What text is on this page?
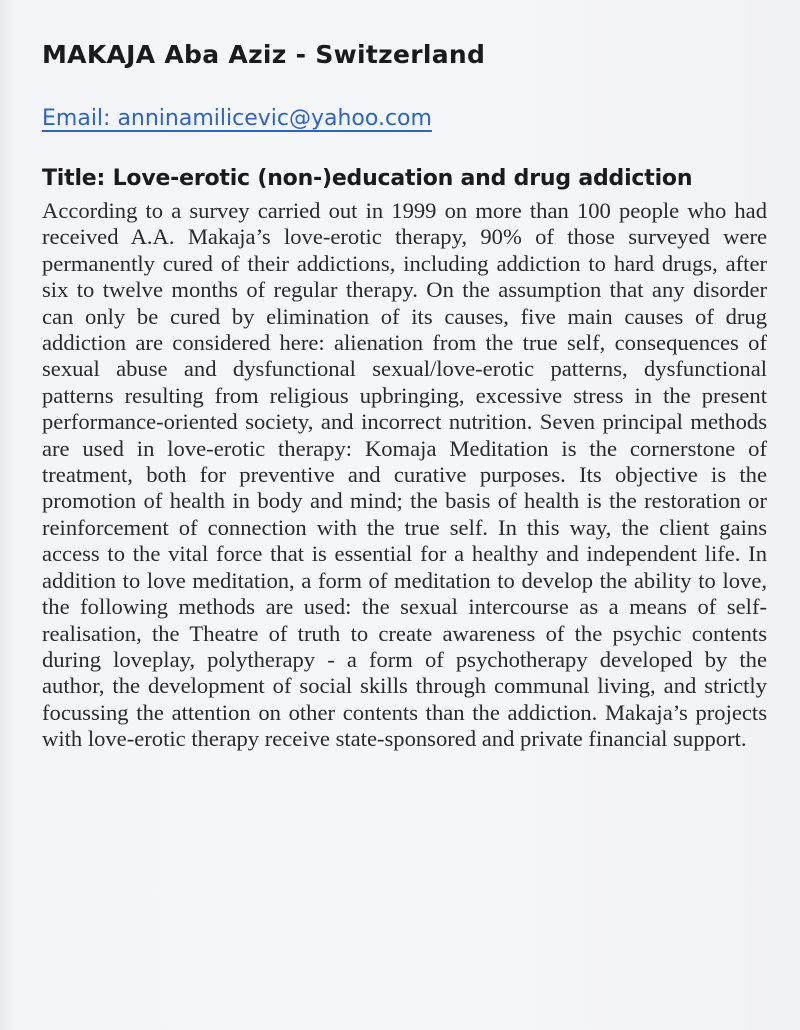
MAKAJA Aba Aziz - Switzerland
Email: anninamilicevic@yahoo.com
Title: Love-erotic (non-)education and drug addiction

According to a survey carried out in 1999 on more than 100 people who had received A.A. Makaja’s love-erotic therapy, 90% of those surveyed were permanently cured of their addictions, including addiction to hard drugs, after six to twelve months of regular therapy. On the assumption that any disorder can only be cured by elimination of its causes, five main causes of drug addiction are considered here: alienation from the true self, consequences of sexual abuse and dysfunctional sexual/love-erotic patterns, dysfunctional patterns resulting from religious upbringing, excessive stress in the present performance-oriented society, and incorrect nutrition. Seven principal methods are used in love-erotic therapy: Komaja Meditation is the cornerstone of treatment, both for preventive and curative purposes. Its objective is the promotion of health in body and mind; the basis of health is the restoration or reinforcement of connection with the true self. In this way, the client gains access to the vital force that is essential for a healthy and independent life. In addition to love meditation, a form of meditation to develop the ability to love, the following methods are used: the sexual intercourse as a means of self-realisation, the Theatre of truth to create awareness of the psychic contents during loveplay, polytherapy - a form of psychotherapy developed by the author, the development of social skills through communal living, and strictly focussing the attention on other contents than the addiction. Makaja’s projects with love-erotic therapy receive state-sponsored and private financial support.
